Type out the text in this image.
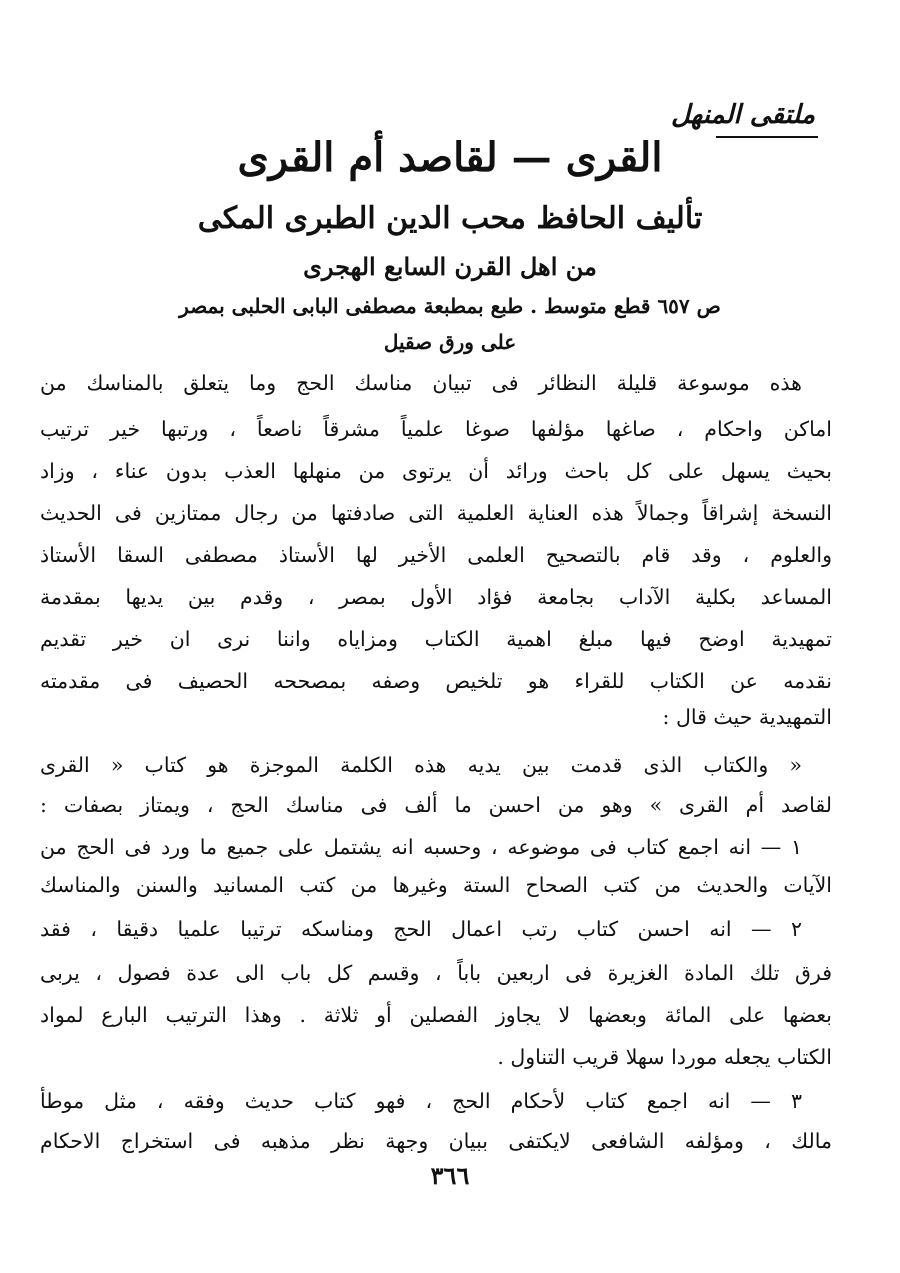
ملتقى المنهل
القرى — لقاصد أم القرى
تأليف الحافظ محب الدين الطبرى المكى
من اهل القرن السابع الهجرى
ص ٦٥٧ قطع متوسط . طبع بمطبعة مصطفى البابى الحلبى بمصر
على ورق صقيل
هذه موسوعة قليلة النظائر فى تبيان مناسك الحج وما يتعلق بالمناسك من
اماكن واحكام ، صاغها مؤلفها صوغا علمياً مشرقاً ناصعاً ، ورتبها خير ترتيب
بحيث يسهل على كل باحث ورائد أن يرتوى من منهلها العذب بدون عناء ، وزاد
النسخة إشراقاً وجمالاً هذه العناية العلمية التى صادفتها من رجال ممتازين فى الحديث
والعلوم ، وقد قام بالتصحيح العلمى الأخير لها الأستاذ مصطفى السقا الأستاذ
المساعد بكلية الآداب بجامعة فؤاد الأول بمصر ، وقدم بين يديها بمقدمة
تمهيدية اوضح فيها مبلغ اهمية الكتاب ومزاياه واننا نرى ان خير تقديم
نقدمه عن الكتاب للقراء هو تلخيص وصفه بمصححه الحصيف فى مقدمته
التمهيدية حيث قال :
« والكتاب الذى قدمت بين يديه هذه الكلمة الموجزة هو كتاب « القرى
لقاصد أم القرى » وهو من احسن ما ألف فى مناسك الحج ، ويمتاز بصفات :
١ — انه اجمع كتاب فى موضوعه ، وحسبه انه يشتمل على جميع ما ورد فى الحج من
الآيات والحديث من كتب الصحاح الستة وغيرها من كتب المسانيد والسنن والمناسك
٢ — انه احسن كتاب رتب اعمال الحج ومناسكه ترتيبا علميا دقيقا ، فقد
فرق تلك المادة الغزيرة فى اربعين باباً ، وقسم كل باب الى عدة فصول ، يربى
بعضها على المائة وبعضها لا يجاوز الفصلين أو ثلاثة . وهذا الترتيب البارع لمواد
الكتاب يجعله موردا سهلا قريب التناول .
٣ — انه اجمع كتاب لأحكام الحج ، فهو كتاب حديث وفقه ، مثل موطأ
مالك ، ومؤلفه الشافعى لايكتفى ببيان وجهة نظر مذهبه فى استخراج الاحكام
٣٦٦
